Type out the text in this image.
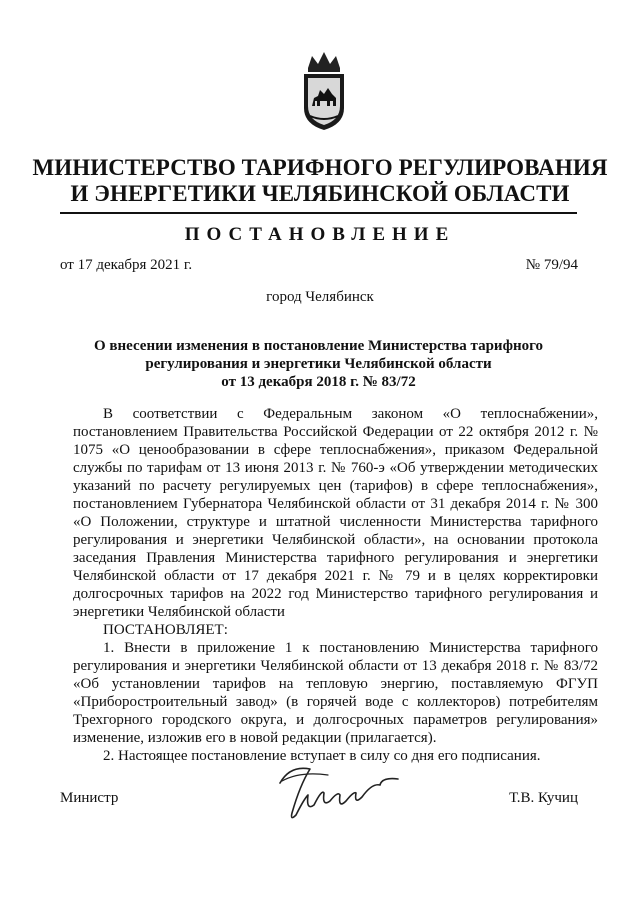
МИНИСТЕРСТВО ТАРИФНОГО РЕГУЛИРОВАНИЯ
И ЭНЕРГЕТИКИ ЧЕЛЯБИНСКОЙ ОБЛАСТИ
ПОСТАНОВЛЕНИЕ
от 17 декабря 2021 г.	№ 79/94
город Челябинск
О внесении изменения в постановление Министерства тарифного
регулирования и энергетики Челябинской области
от 13 декабря 2018 г. № 83/72

В соответствии с Федеральным законом «О теплоснабжении», постановлением Правительства Российской Федерации от 22 октября 2012 г. № 1075 «О ценообразовании в сфере теплоснабжения», приказом Федеральной службы по тарифам от 13 июня 2013 г. № 760-э «Об утверждении методических указаний по расчету регулируемых цен (тарифов) в сфере теплоснабжения», постановлением Губернатора Челябинской области от 31 декабря 2014 г. № 300 «О Положении, структуре и штатной численности Министерства тарифного регулирования и энергетики Челябинской области», на основании протокола заседания Правления Министерства тарифного регулирования и энергетики Челябинской области от 17 декабря 2021 г. № 79 и в целях корректировки долгосрочных тарифов на 2022 год Министерство тарифного регулирования и энергетики Челябинской области

ПОСТАНОВЛЯЕТ:

1. Внести в приложение 1 к постановлению Министерства тарифного регулирования и энергетики Челябинской области от 13 декабря 2018 г. № 83/72 «Об установлении тарифов на тепловую энергию, поставляемую ФГУП «Приборостроительный завод» (в горячей воде с коллекторов) потребителям Трехгорного городского округа, и долгосрочных параметров регулирования» изменение, изложив его в новой редакции (прилагается).

2. Настоящее постановление вступает в силу со дня его подписания.

Министр	Т.В. Кучиц
